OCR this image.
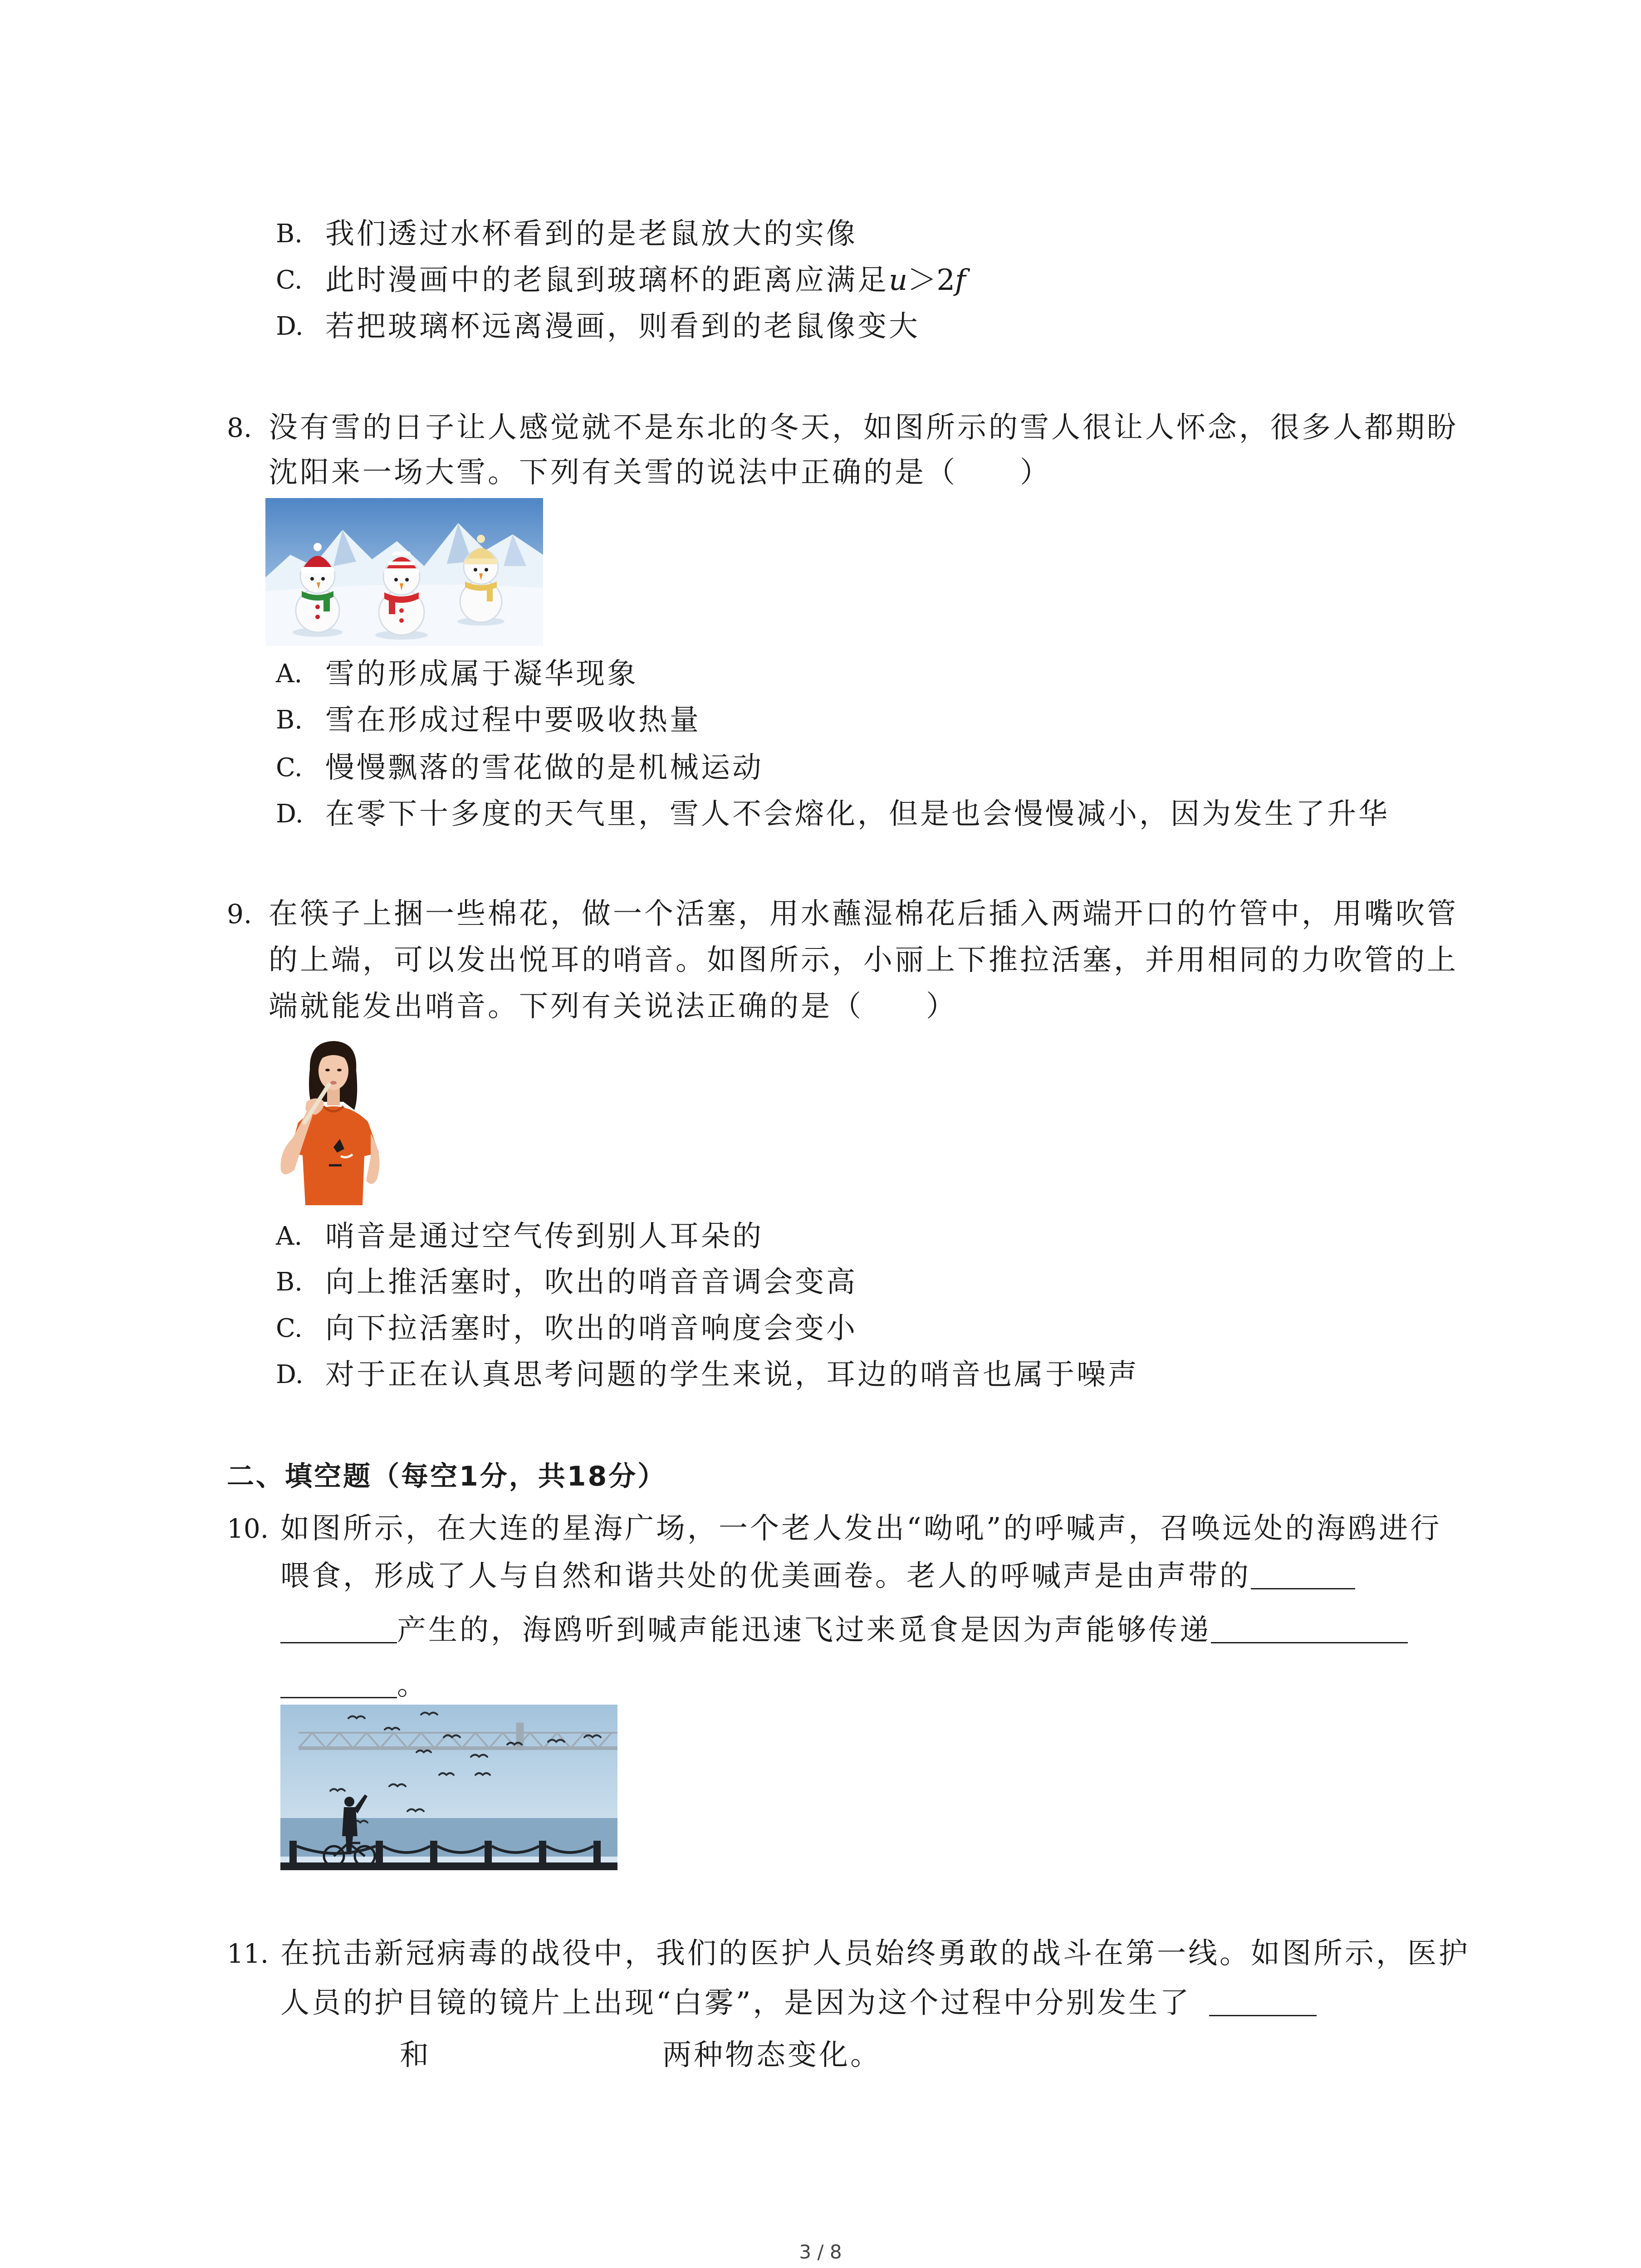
B. 我们透过水杯看到的是老鼠放大的实像
C. 此时漫画中的老鼠到玻璃杯的距离应满足u＞2f
D. 若把玻璃杯远离漫画，则看到的老鼠像变大
8. 没有雪的日子让人感觉就不是东北的冬天，如图所示的雪人很让人怀念，很多人都期盼
沈阳来一场大雪。下列有关雪的说法中正确的是（　　）
A. 雪的形成属于凝华现象
B. 雪在形成过程中要吸收热量
C. 慢慢飘落的雪花做的是机械运动
D. 在零下十多度的天气里，雪人不会熔化，但是也会慢慢减小，因为发生了升华
9. 在筷子上捆一些棉花，做一个活塞，用水蘸湿棉花后插入两端开口的竹管中，用嘴吹管
的上端，可以发出悦耳的哨音。如图所示，小丽上下推拉活塞，并用相同的力吹管的上
端就能发出哨音。下列有关说法正确的是（　　）
A. 哨音是通过空气传到别人耳朵的
B. 向上推活塞时，吹出的哨音音调会变高
C. 向下拉活塞时，吹出的哨音响度会变小
D. 对于正在认真思考问题的学生来说，耳边的哨音也属于噪声
二、填空题（每空1分，共18分）
10. 如图所示，在大连的星海广场，一个老人发出“呦吼”的呼喊声，召唤远处的海鸥进行
喂食，形成了人与自然和谐共处的优美画卷。老人的呼喊声是由声带的
产生的，海鸥听到喊声能迅速飞过来觅食是因为声能够传递
。
11. 在抗击新冠病毒的战役中，我们的医护人员始终勇敢的战斗在第一线。如图所示，医护
人员的护目镜的镜片上出现“白雾”，是因为这个过程中分别发生了
和	两种物态变化。
3 / 8
